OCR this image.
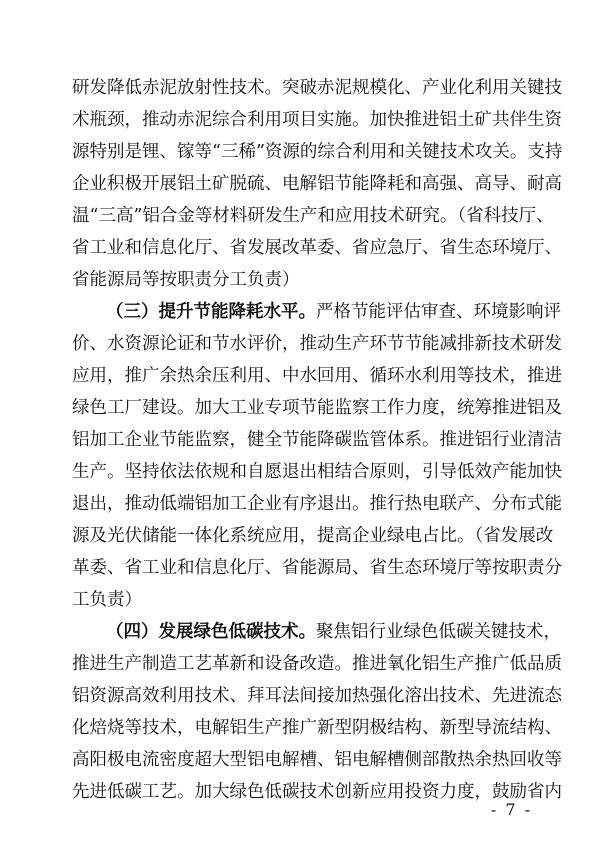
研发降低赤泥放射性技术。突破赤泥规模化、产业化利用关键技
术瓶颈，推动赤泥综合利用项目实施。加快推进铝土矿共伴生资
源特别是锂、镓等“三稀”资源的综合利用和关键技术攻关。支持
企业积极开展铝土矿脱硫、电解铝节能降耗和高强、高导、耐高
温“三高”铝合金等材料研发生产和应用技术研究。（省科技厅、
省工业和信息化厅、省发展改革委、省应急厅、省生态环境厅、
省能源局等按职责分工负责）
（三）提升节能降耗水平。严格节能评估审查、环境影响评
价、水资源论证和节水评价，推动生产环节节能减排新技术研发
应用，推广余热余压利用、中水回用、循环水利用等技术，推进
绿色工厂建设。加大工业专项节能监察工作力度，统筹推进铝及
铝加工企业节能监察，健全节能降碳监管体系。推进铝行业清洁
生产。坚持依法依规和自愿退出相结合原则，引导低效产能加快
退出，推动低端铝加工企业有序退出。推行热电联产、分布式能
源及光伏储能一体化系统应用，提高企业绿电占比。（省发展改
革委、省工业和信息化厅、省能源局、省生态环境厅等按职责分
工负责）
（四）发展绿色低碳技术。聚焦铝行业绿色低碳关键技术，
推进生产制造工艺革新和设备改造。推进氧化铝生产推广低品质
铝资源高效利用技术、拜耳法间接加热强化溶出技术、先进流态
化焙烧等技术，电解铝生产推广新型阴极结构、新型导流结构、
高阳极电流密度超大型铝电解槽、铝电解槽侧部散热余热回收等
先进低碳工艺。加大绿色低碳技术创新应用投资力度，鼓励省内
- 7 -
